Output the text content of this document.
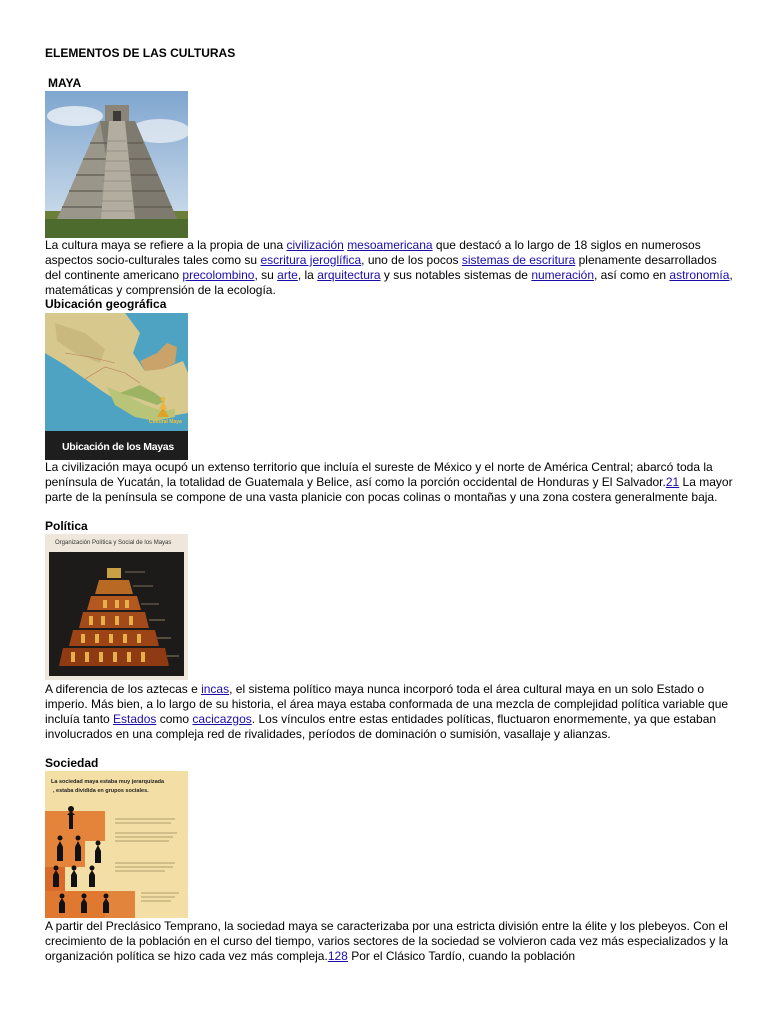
ELEMENTOS DE LAS CULTURAS
MAYA
La cultura maya se refiere a la propia de una civilización mesoamericana que destacó a lo largo de 18 siglos en numerosos aspectos socio-culturales tales como su escritura jeroglífica, uno de los pocos sistemas de escritura plenamente desarrollados del continente americano precolombino, su arte, la arquitectura y sus notables sistemas de numeración, así como en astronomía, matemáticas y comprensión de la ecología.
Ubicación geográfica
Cultural Maya
Ubicación de los Mayas
La civilización maya ocupó un extenso territorio que incluía el sureste de México y el norte de América Central; abarcó toda la península de Yucatán, la totalidad de Guatemala y Belice, así como la porción occidental de Honduras y El Salvador.21 La mayor parte de la península se compone de una vasta planicie con pocas colinas o montañas y una zona costera generalmente baja.
Política
Organización Política y Social de los Mayas
A diferencia de los aztecas e incas, el sistema político maya nunca incorporó toda el área cultural maya en un solo Estado o imperio. Más bien, a lo largo de su historia, el área maya estaba conformada de una mezcla de complejidad política variable que incluía tanto Estados como cacicazgos. Los vínculos entre estas entidades políticas, fluctuaron enormemente, ya que estaban involucrados en una compleja red de rivalidades, períodos de dominación o sumisión, vasallaje y alianzas.
Sociedad
La sociedad maya estaba muy jerarquizada
, estaba dividida en grupos sociales.
A partir del Preclásico Temprano, la sociedad maya se caracterizaba por una estricta división entre la élite y los plebeyos. Con el crecimiento de la población en el curso del tiempo, varios sectores de la sociedad se volvieron cada vez más especializados y la organización política se hizo cada vez más compleja.128 Por el Clásico Tardío, cuando la población
